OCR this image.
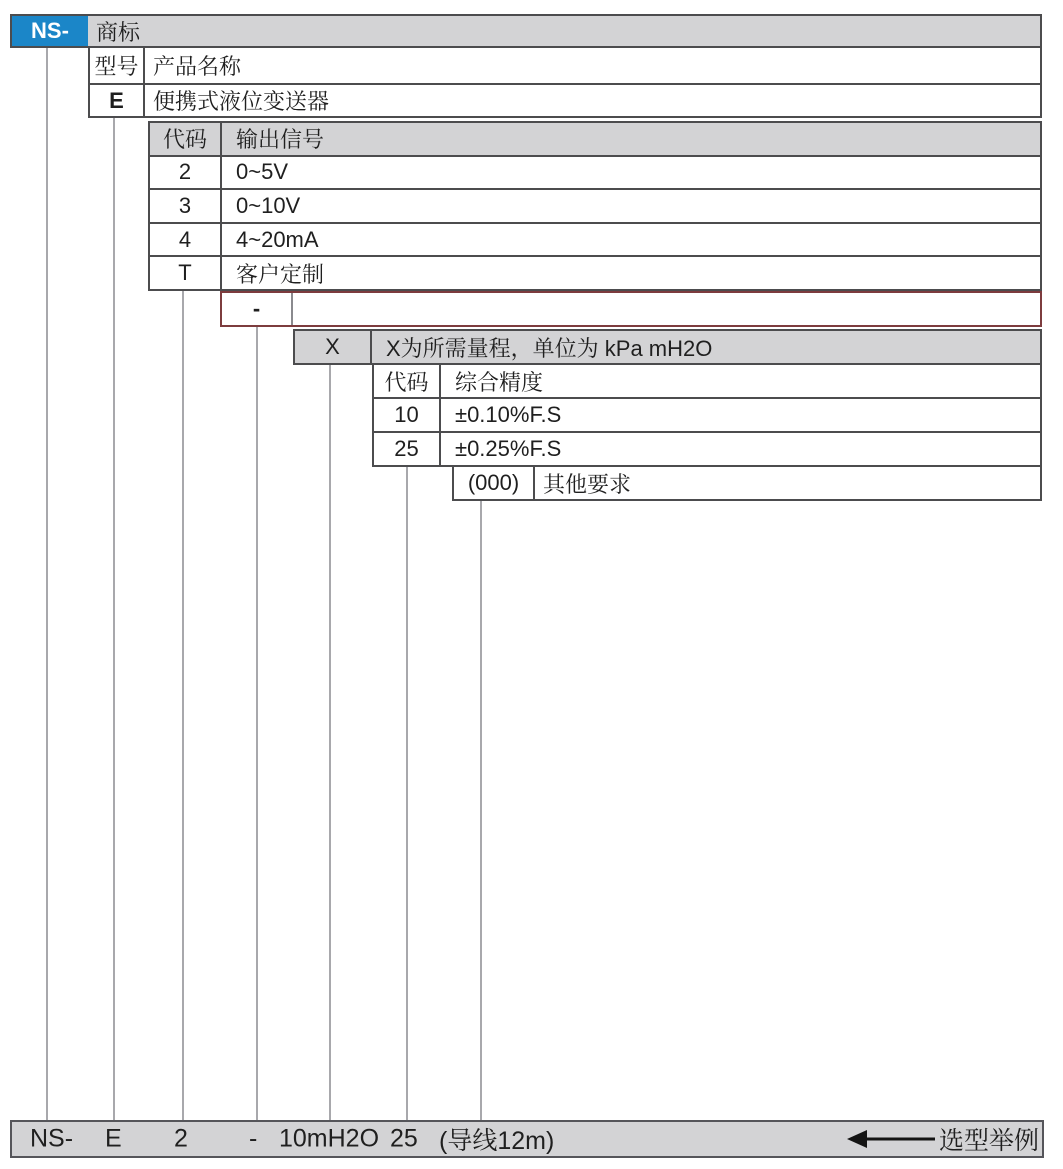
NS-	商标
型号 产品名称
E	便携式液位变送器
代码	输出信号
2	0~5V
3	0~10V
4	4~20mA
T	客户定制
-
X	X为所需量程，单位为 kPa mH2O
代码	综合精度
10	±0.10%F.S
25	±0.25%F.S
(000)	其他要求
NS- E 2 - 10mH2O 25 (导线12m)	选型举例
